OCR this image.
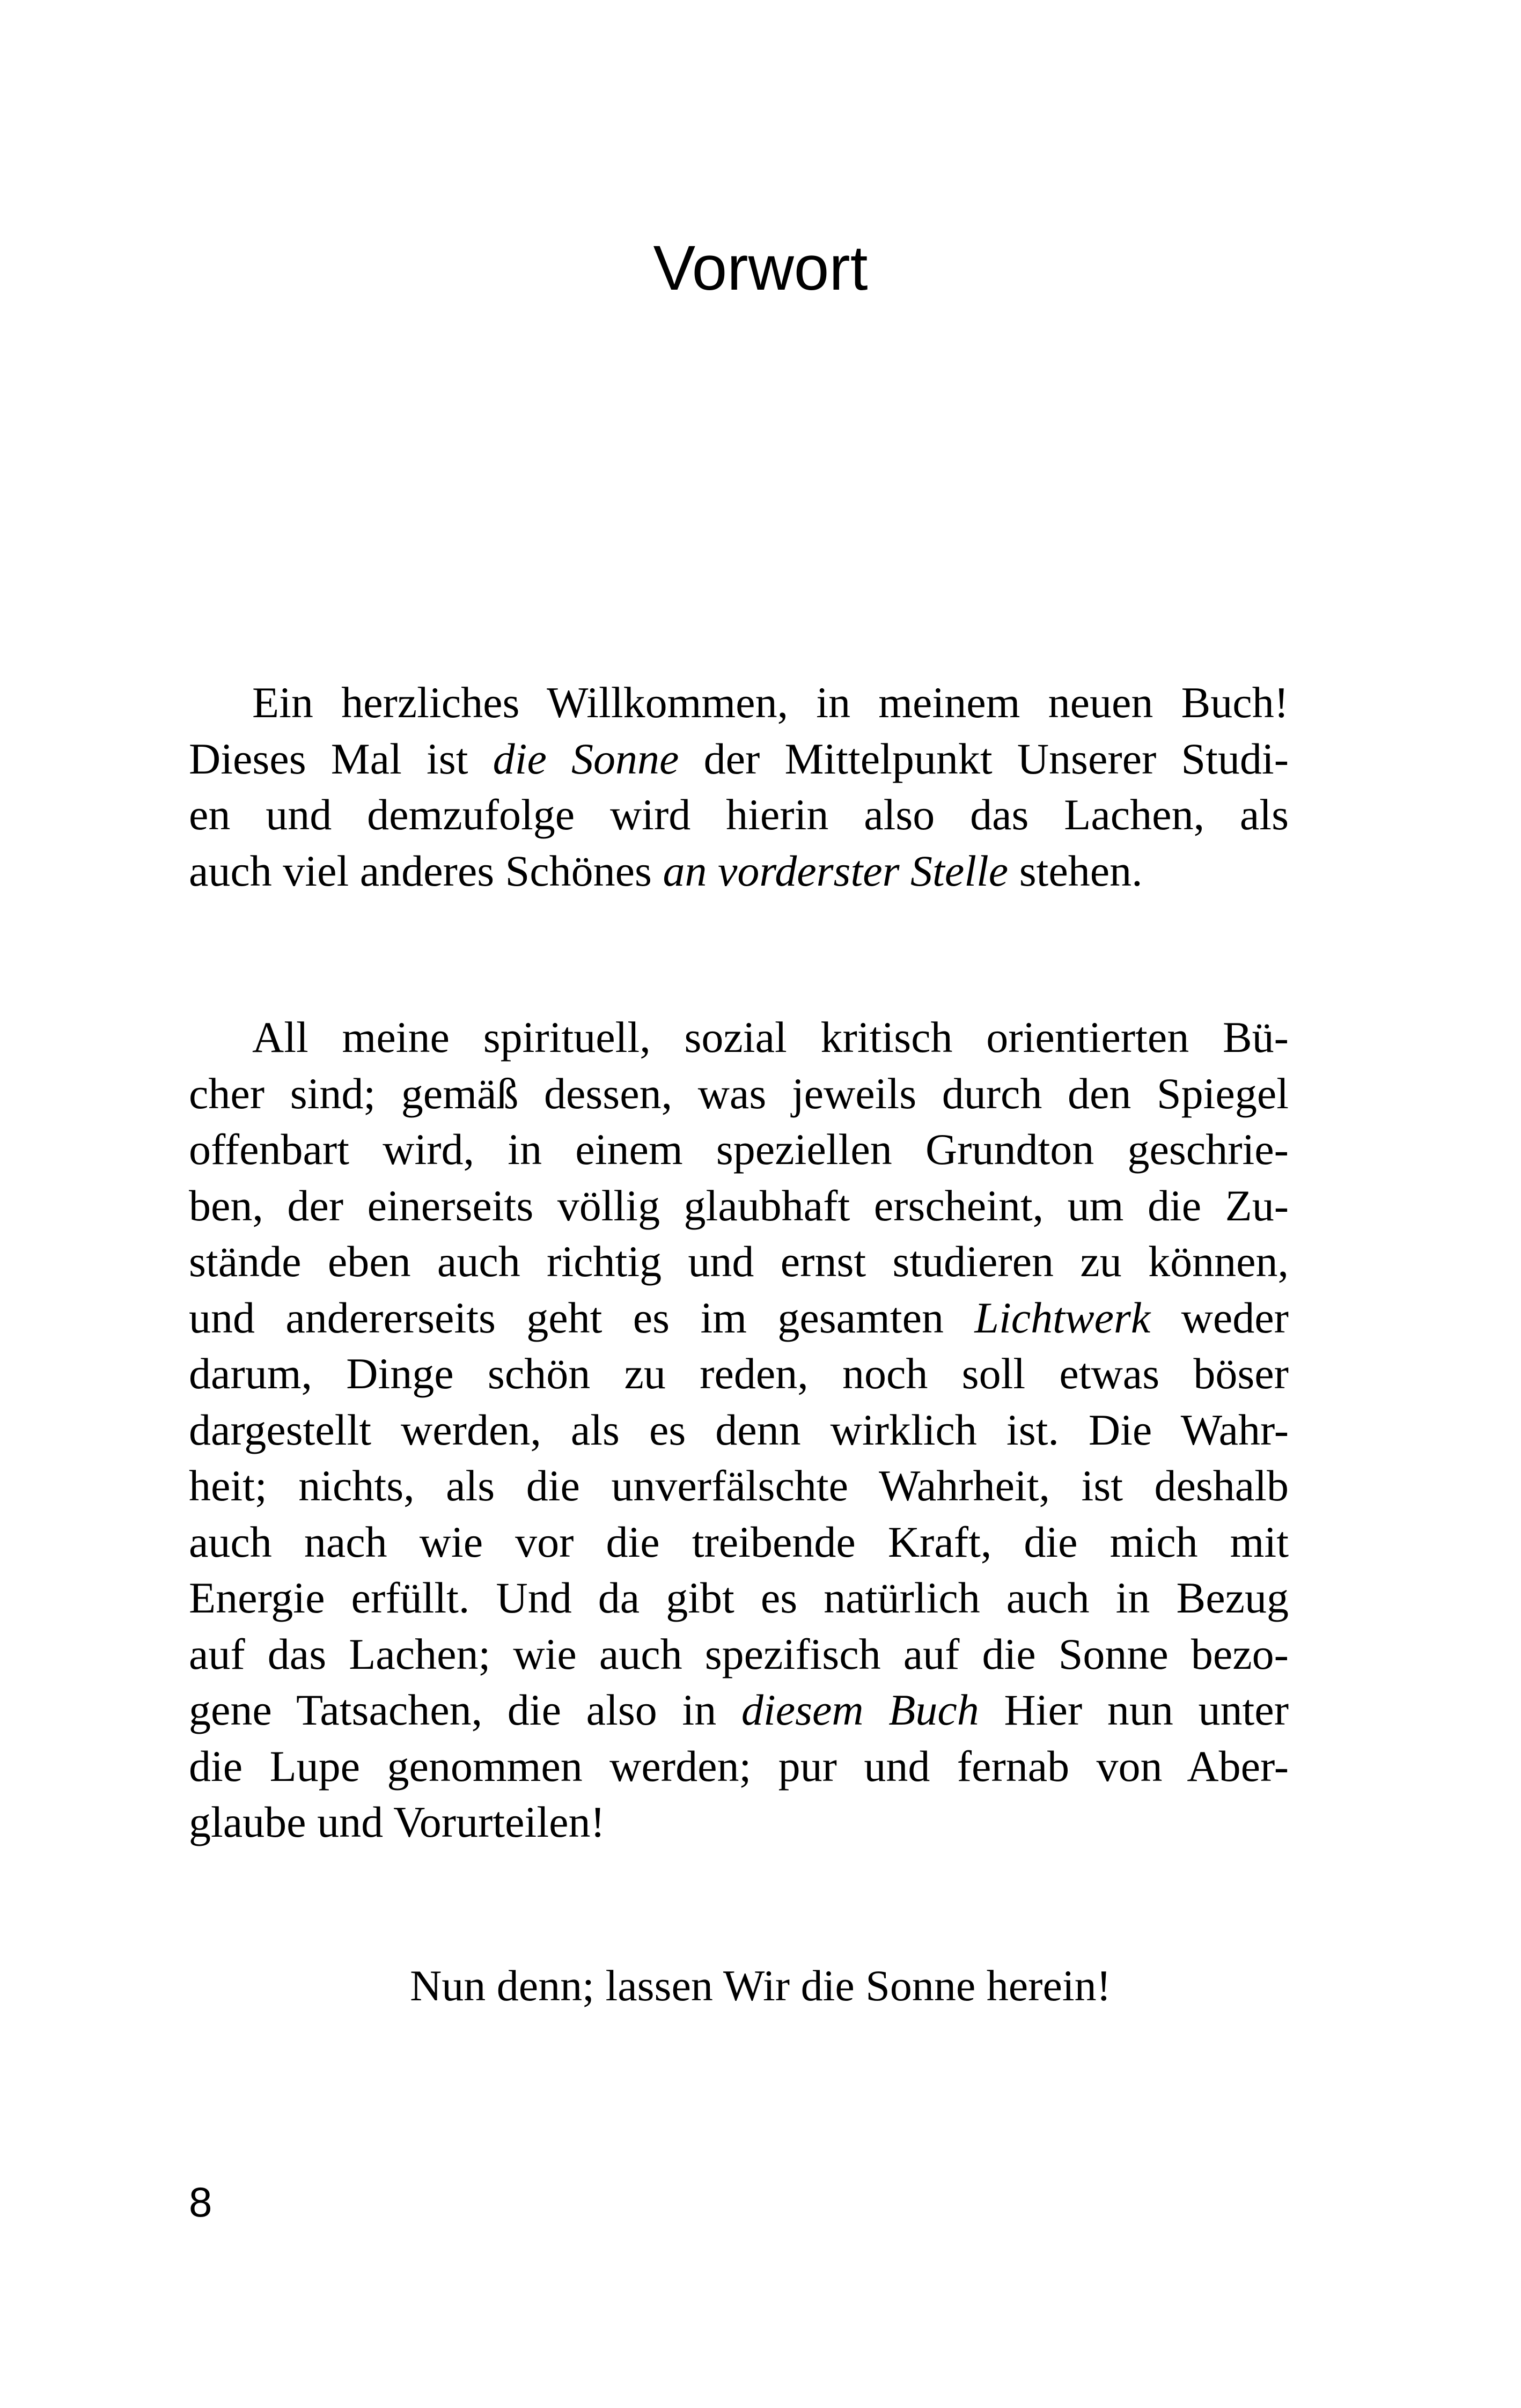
Vorwort
Ein herzliches Willkommen, in meinem neuen Buch!
Dieses Mal ist die Sonne der Mittelpunkt Unserer Studi-
en und demzufolge wird hierin also das Lachen, als
auch viel anderes Schönes an vorderster Stelle stehen.
All meine spirituell, sozial kritisch orientierten Bü-
cher sind; gemäß dessen, was jeweils durch den Spiegel
offenbart wird, in einem speziellen Grundton geschrie-
ben, der einerseits völlig glaubhaft erscheint, um die Zu-
stände eben auch richtig und ernst studieren zu können,
und andererseits geht es im gesamten Lichtwerk weder
darum, Dinge schön zu reden, noch soll etwas böser
dargestellt werden, als es denn wirklich ist. Die Wahr-
heit; nichts, als die unverfälschte Wahrheit, ist deshalb
auch nach wie vor die treibende Kraft, die mich mit
Energie erfüllt. Und da gibt es natürlich auch in Bezug
auf das Lachen; wie auch spezifisch auf die Sonne bezo-
gene Tatsachen, die also in diesem Buch Hier nun unter
die Lupe genommen werden; pur und fernab von Aber-
glaube und Vorurteilen!
Nun denn; lassen Wir die Sonne herein!
8
